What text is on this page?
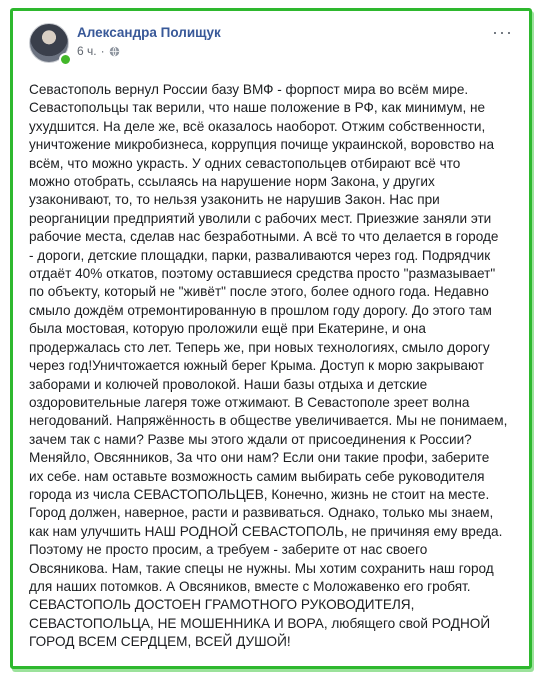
Александра Полищук
6 ч. ·
···
Севастополь вернул России базу ВМФ - форпост мира во всём мире.
Севастопольцы так верили, что наше положение в РФ, как минимум, не
ухудшится. На деле же, всё оказалось наоборот. Отжим собственности,
уничтожение микробизнеса, коррупция почище украинской, воровство на
всём, что можно украсть. У одних севастопольцев отбирают всё что
можно отобрать, ссылаясь на нарушение норм Закона, у других
узаконивают, то, то нельзя узаконить не нарушив Закон. Нас при
реорганиции предприятий уволили с рабочих мест. Приезжие заняли эти
рабочие места, сделав нас безработными. А всё то что делается в городе
- дороги, детские площадки, парки, разваливаются через год. Подрядчик
отдаёт 40% откатов, поэтому оставшиеся средства просто "размазывает"
по объекту, который не "живёт" после этого, более одного года. Недавно
смыло дождём отремонтированную в прошлом году дорогу. До этого там
была мостовая, которую проложили ещё при Екатерине, и она
продержалась сто лет. Теперь же, при новых технологиях, смыло дорогу
через год!Уничтожается южный берег Крыма. Доступ к морю закрывают
заборами и колючей проволокой. Наши базы отдыха и детские
оздоровительные лагеря тоже отжимают. В Севастополе зреет волна
негодований. Напряжённость в обществе увеличивается. Мы не понимаем,
зачем так с нами? Разве мы этого ждали от присоединения к России?
Меняйло, Овсянников, За что они нам? Если они такие профи, заберите
их себе. нам оставьте возможность самим выбирать себе руководителя
города из числа СЕВАСТОПОЛЬЦЕВ, Конечно, жизнь не стоит на месте.
Город должен, наверное, расти и развиваться. Однако, только мы знаем,
как нам улучшить НАШ РОДНОЙ СЕВАСТОПОЛЬ, не причиняя ему вреда.
Поэтому не просто просим, а требуем - заберите от нас своего
Овсяникова. Нам, такие спецы не нужны. Мы хотим сохранить наш город
для наших потомков. А Овсяников, вместе с Моложавенко его гробят.
СЕВАСТОПОЛЬ ДОСТОЕН ГРАМОТНОГО РУКОВОДИТЕЛЯ,
СЕВАСТОПОЛЬЦА, НЕ МОШЕННИКА И ВОРА, любящего свой РОДНОЙ
ГОРОД ВСЕМ СЕРДЦЕМ, ВСЕЙ ДУШОЙ!
